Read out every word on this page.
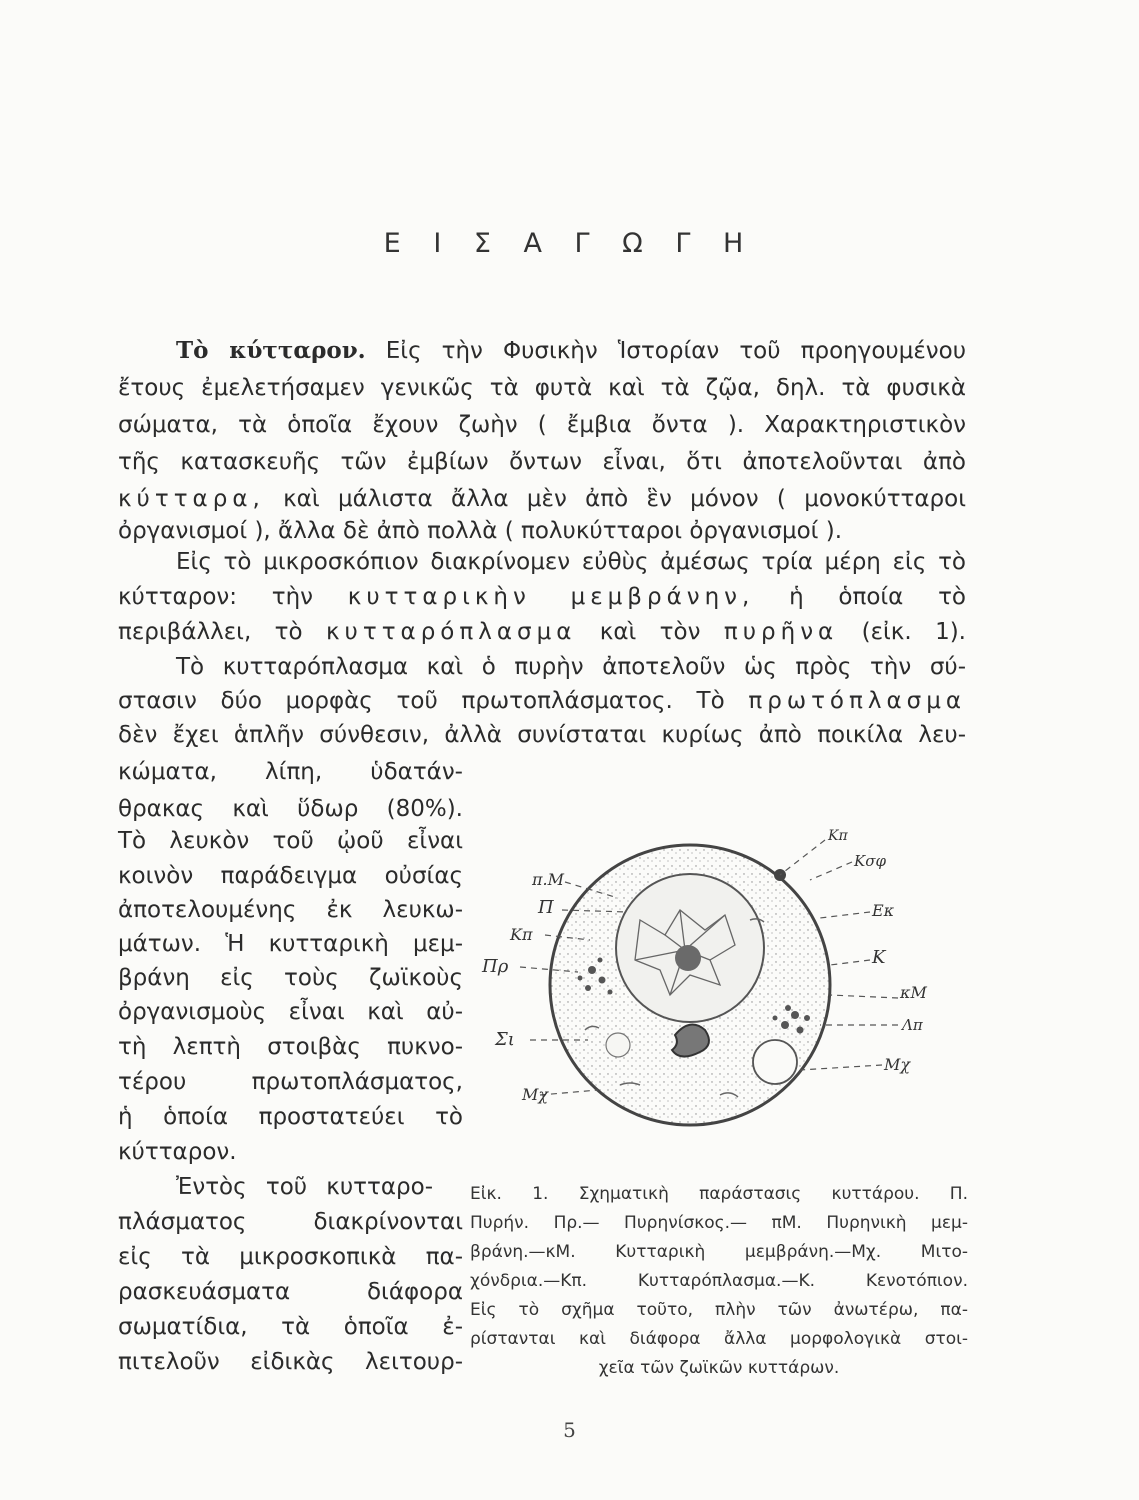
Ε Ι Σ Α Γ Ω Γ Η
Τὸ κύτταρον. Εἰς τὴν Φυσικὴν Ἱστορίαν τοῦ προηγουμένου
ἔτους ἐμελετήσαμεν γενικῶς τὰ φυτὰ καὶ τὰ ζῷα, δηλ. τὰ φυσικὰ
σώματα, τὰ ὁποῖα ἔχουν ζωὴν ( ἔμβια ὄντα ). Χαρακτηριστικὸν
τῆς κατασκευῆς τῶν ἐμβίων ὄντων εἶναι, ὅτι ἀποτελοῦνται ἀπὸ
κύτταρα, καὶ μάλιστα ἄλλα μὲν ἀπὸ ἓν μόνον ( μονοκύτταροι
ὀργανισμοί ), ἄλλα δὲ ἀπὸ πολλὰ ( πολυκύτταροι ὀργανισμοί ).
Εἰς τὸ μικροσκόπιον διακρίνομεν εὐθὺς ἀμέσως τρία μέρη εἰς τὸ
κύτταρον: τὴν κυτταρικὴν μεμβράνην, ἡ ὁποία τὸ
περιβάλλει, τὸ κυτταρόπλασμα καὶ τὸν πυρῆνα (εἰκ. 1).
Τὸ κυτταρόπλασμα καὶ ὁ πυρὴν ἀποτελοῦν ὡς πρὸς τὴν σύ-
στασιν δύο μορφὰς τοῦ πρωτοπλάσματος. Τὸ πρωτόπλασμα
δὲν ἔχει ἁπλῆν σύνθεσιν, ἀλλὰ συνίσταται κυρίως ἀπὸ ποικίλα λευ-
κώματα, λίπη, ὑδατάν-
θρακας καὶ ὕδωρ (80%).
Τὸ λευκὸν τοῦ ᾠοῦ εἶναι
κοινὸν παράδειγμα οὐσίας
ἀποτελουμένης ἐκ λευκω-
μάτων. Ἡ κυτταρικὴ μεμ-
βράνη εἰς τοὺς ζωϊκοὺς
ὀργανισμοὺς εἶναι καὶ αὐ-
τὴ λεπτὴ στοιβὰς πυκνο-
τέρου πρωτοπλάσματος,
ἡ ὁποία προστατεύει τὸ
κύτταρον.
Ἐντὸς τοῦ κυτταρο-
πλάσματος διακρίνονται
εἰς τὰ μικροσκοπικὰ πα-
ρασκευάσματα διάφορα
σωματίδια, τὰ ὁποῖα ἐ-
πιτελοῦν εἰδικὰς λειτουρ-
π.Μ
Π
Κπ
Πρ
Σι
Μχ
Κπ
Κσφ
Εκ
Κ
κΜ
Λπ
Μχ
Εἰκ. 1. Σχηματικὴ παράστασις κυττάρου. Π.
Πυρήν. Πρ.— Πυρηνίσκος.— πΜ. Πυρηνικὴ μεμ-
βράνη.—κΜ. Κυτταρικὴ μεμβράνη.—Μχ. Μιτο-
χόνδρια.—Κπ. Κυτταρόπλασμα.—Κ. Κενοτόπιον.
Εἰς τὸ σχῆμα τοῦτο, πλὴν τῶν ἀνωτέρω, πα-
ρίστανται καὶ διάφορα ἄλλα μορφολογικὰ στοι-
χεῖα τῶν ζωϊκῶν κυττάρων.
5
